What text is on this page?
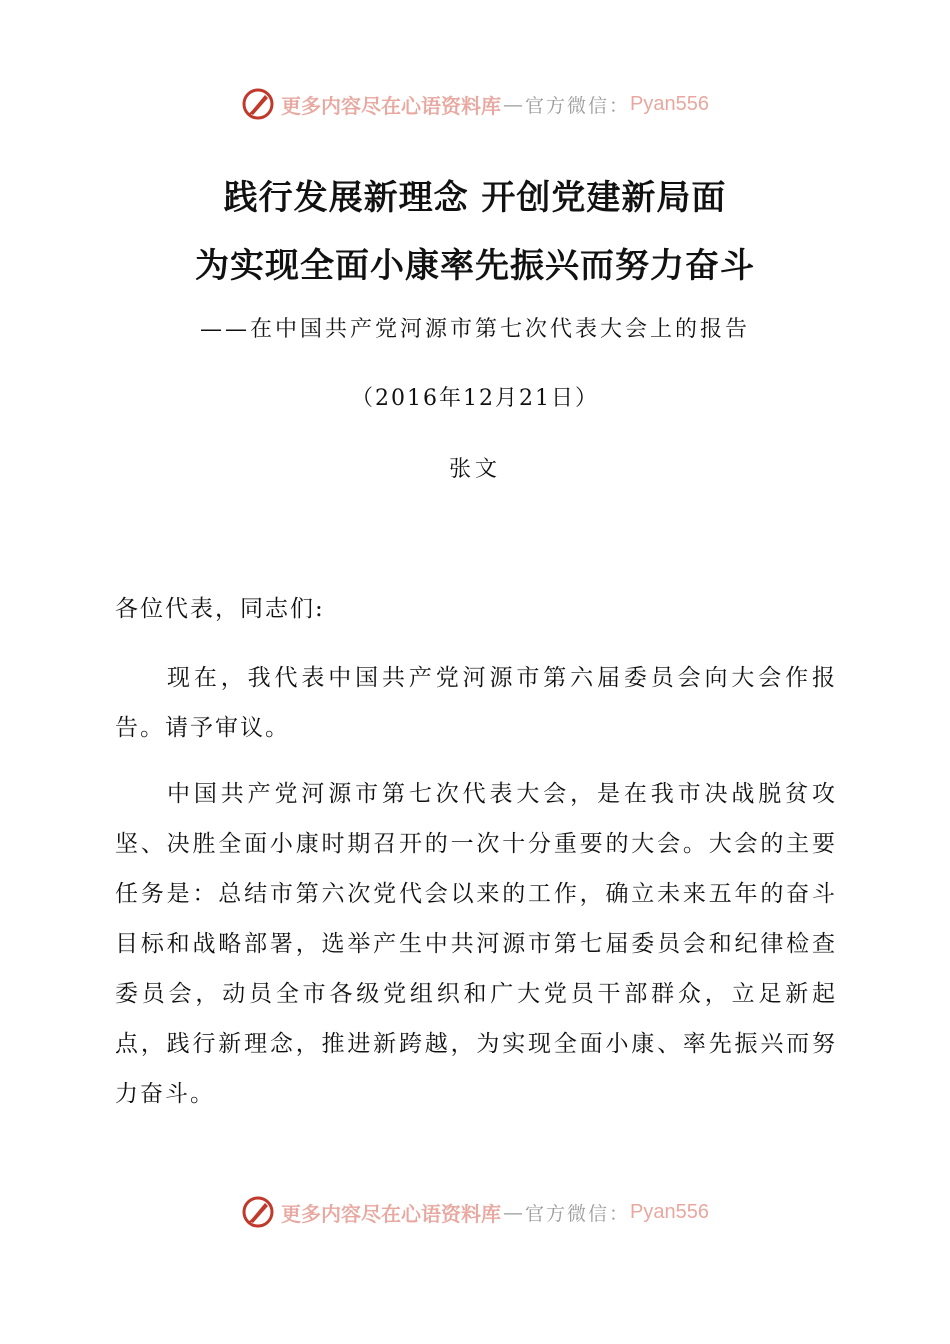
更多内容尽在心语资料库 — 官方微信： Pyan556
践行发展新理念 开创党建新局面
为实现全面小康率先振兴而努力奋斗
——在中国共产党河源市第七次代表大会上的报告
（2016年12月21日）
张文
各位代表，同志们:
现在，我代表中国共产党河源市第六届委员会向大会作报告。请予审议。
中国共产党河源市第七次代表大会，是在我市决战脱贫攻坚、决胜全面小康时期召开的一次十分重要的大会。大会的主要任务是：总结市第六次党代会以来的工作，确立未来五年的奋斗目标和战略部署，选举产生中共河源市第七届委员会和纪律检查委员会，动员全市各级党组织和广大党员干部群众，立足新起点，践行新理念，推进新跨越，为实现全面小康、率先振兴而努力奋斗。
更多内容尽在心语资料库 — 官方微信： Pyan556
